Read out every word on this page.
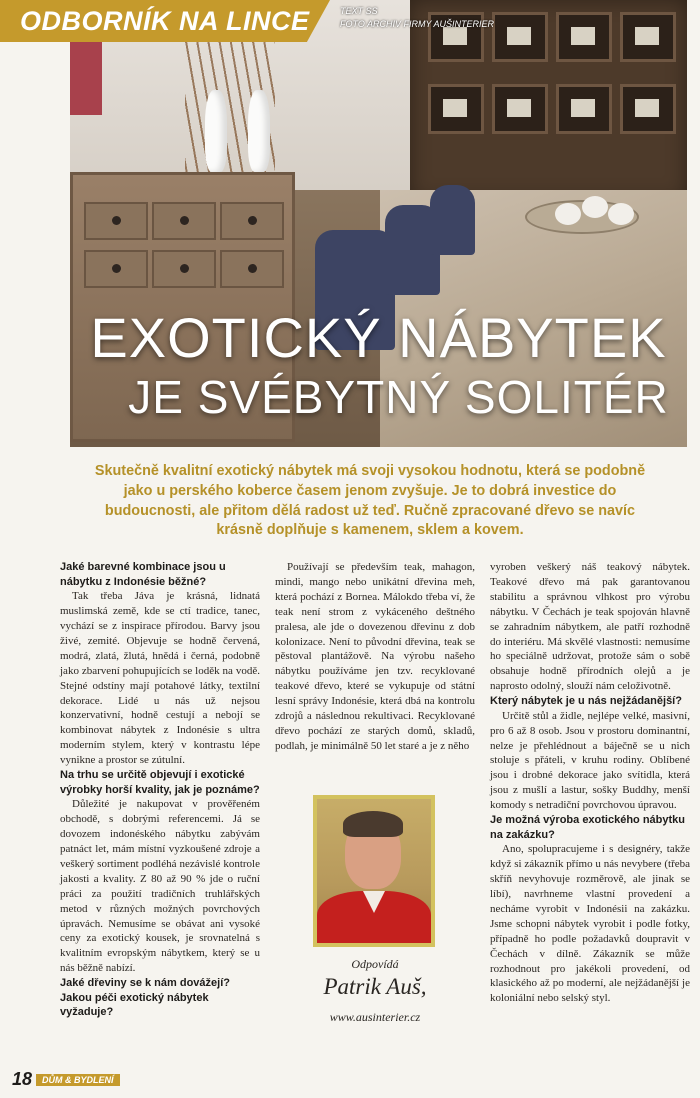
EXOTICKÝ NÁBYTEK
JE SVÉBYTNÝ SOLITÉR
ODBORNÍK NA LINCE	TEXT SS
FOTO ARCHIV FIRMY AUŠINTERIER
Skutečně kvalitní exotický nábytek má svoji vysokou hodnotu, která se podobně jako u perského koberce časem jenom zvyšuje. Je to dobrá investice do budoucnosti, ale přitom dělá radost už teď. Ručně zpracované dřevo se navíc krásně doplňuje s kamenem, sklem a kovem.
Jaké barevné kombinace jsou u nábytku z Indonésie běžné?

Tak třeba Jáva je krásná, lidnatá muslimská země, kde se ctí tradice, tanec, vychází se z inspirace přírodou. Barvy jsou živé, zemité. Objevuje se hodně červená, modrá, zlatá, žlutá, hnědá i černá, podobně jako zbarvení pohupujících se loděk na vodě. Stejné odstíny mají potahové látky, textilní dekorace. Lidé u nás už nejsou konzervativní, hodně cestují a nebojí se kombinovat nábytek z Indonésie s ultra moderním stylem, který v kontrastu lépe vynikne a prostor se zútulní.

Na trhu se určitě objevují i exotické výrobky horší kvality, jak je poznáme?

Důležité je nakupovat v prověřeném obchodě, s dobrými referencemi. Já se dovozem indonéského nábytku zabývám patnáct let, mám místní vyzkoušené zdroje a veškerý sortiment podléhá nezávislé kontrole jakosti a kvality. Z 80 až 90 % jde o ruční práci za použití tradičních truhlářských metod v různých možných povrchových úpravách. Nemusíme se obávat ani vysoké ceny za exotický kousek, je srovnatelná s kvalitním evropským nábytkem, který se u nás běžně nabízí.

Jaké dřeviny se k nám dovážejí? Jakou péči exotický nábytek vyžaduje?

Používají se především teak, mahagon, mindi, mango nebo unikátní dřevina meh, která pochází z Bornea. Málokdo třeba ví, že teak není strom z vykáceného deštného pralesa, ale jde o dovezenou dřevinu z dob kolonizace. Není to původní dřevina, teak se pěstoval plantážově. Na výrobu našeho nábytku používáme jen tzv. recyklované teakové dřevo, které se vykupuje od státní lesní správy Indonésie, která dbá na kontrolu zdrojů a následnou rekultivaci. Recyklované dřevo pochází ze starých domů, skladů, podlah, je minimálně 50 let staré a je z něho

vyroben veškerý náš teakový nábytek. Teakové dřevo má pak garantovanou stabilitu a správnou vlhkost pro výrobu nábytku. V Čechách je teak spojován hlavně se zahradním nábytkem, ale patří rozhodně do interiéru. Má skvělé vlastnosti: nemusíme ho speciálně udržovat, protože sám o sobě obsahuje hodně přírodních olejů a je naprosto odolný, slouží nám celoživotně.

Který nábytek je u nás nejžádanější?

Určitě stůl a židle, nejlépe velké, masivní, pro 6 až 8 osob. Jsou v prostoru dominantní, nelze je přehlédnout a báječně se u nich stoluje s přáteli, v kruhu rodiny. Oblíbené jsou i drobné dekorace jako svítidla, která jsou z mušlí a lastur, sošky Buddhy, menší komody s netradiční povrchovou úpravou.

Je možná výroba exotického nábytku na zakázku?

Ano, spolupracujeme i s designéry, takže když si zákazník přímo u nás nevybere (třeba skříň nevyhovuje rozměrově, ale jinak se líbí), navrhneme vlastní provedení a necháme vyrobit v Indonésii na zakázku. Jsme schopni nábytek vyrobit i podle fotky, případně ho podle požadavků doupravit v Čechách v dílně. Zákazník se může rozhodnout pro jakékoli provedení, od klasického až po moderní, ale nejžádanější je koloniální nebo selský styl.

Odpovídá
Patrik Auš,
www.ausinterier.cz
18	DŮM & BYDLENÍ
